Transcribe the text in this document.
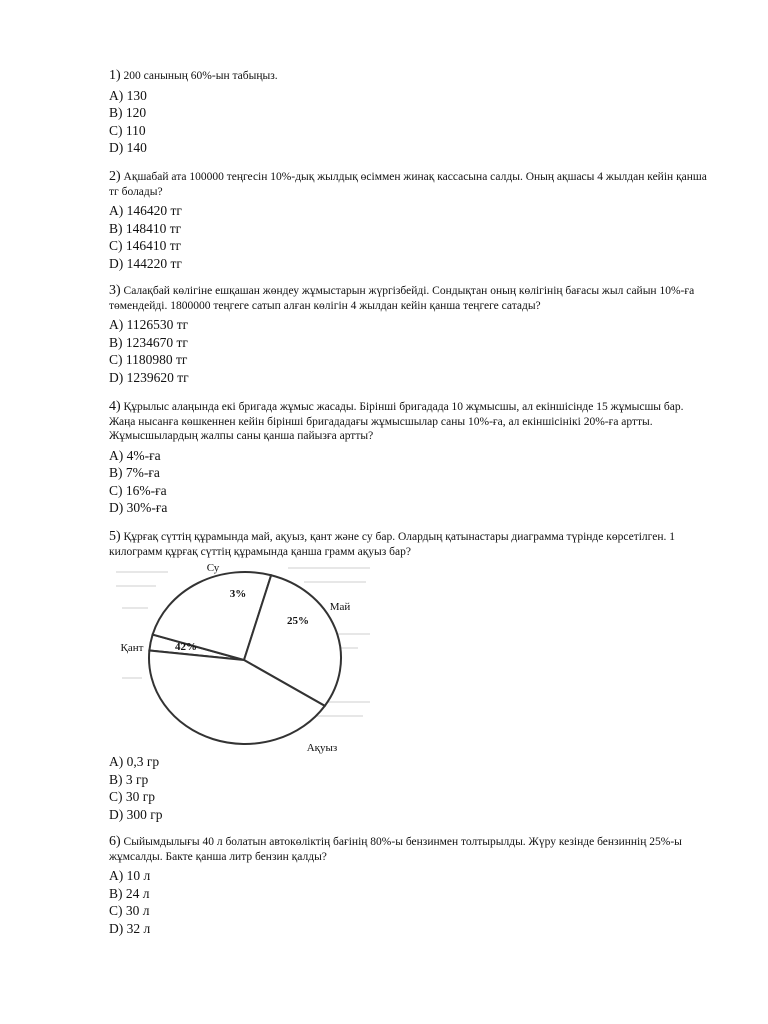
1) 200 санының 60%-ын табыңыз.
A) 130
B) 120
C) 110
D) 140
2) Ақшабай ата 100000 теңгесін 10%-дық жылдық өсіммен жинақ кассасына салды. Оның ақшасы 4 жылдан кейін қанша тг болады?
A) 146420 тг
B) 148410 тг
C) 146410 тг
D) 144220 тг
3) Салақбай көлігіне ешқашан жөндеу жұмыстарын жүргізбейді. Сондықтан оның көлігінің бағасы жыл сайын 10%-ға төмендейді. 1800000 теңгеге сатып алған көлігін 4 жылдан кейін қанша теңгеге сатады?
A) 1126530 тг
B) 1234670 тг
C) 1180980 тг
D) 1239620 тг
4) Құрылыс алаңында екі бригада жұмыс жасады. Бірінші бригадада 10 жұмысшы, ал екіншісінде 15 жұмысшы бар. Жаңа нысанға көшкеннен кейін бірінші бригададағы жұмысшылар саны 10%-ға, ал екіншісінікі 20%-ға артты. Жұмысшылардың жалпы саны қанша пайызға артты?
A) 4%-ға
B) 7%-ға
C) 16%-ға
D) 30%-ға
5) Құрғақ сүттің құрамында май, ақуыз, қант және су бар. Олардың қатынастары диаграмма түрінде көрсетілген. 1 килограмм құрғақ сүттің құрамында қанша грамм ақуыз бар?
Су
3%
Май
25%
Ақуыз
Қант	42%
A) 0,3 гр
B) 3 гр
C) 30 гр
D) 300 гр
6) Сыйымдылығы 40 л болатын автокөліктің бағінің 80%-ы бензинмен толтырылды. Жүру кезінде бензиннің 25%-ы жұмсалды. Бакте қанша литр бензин қалды?
A) 10 л
B) 24 л
C) 30 л
D) 32 л
